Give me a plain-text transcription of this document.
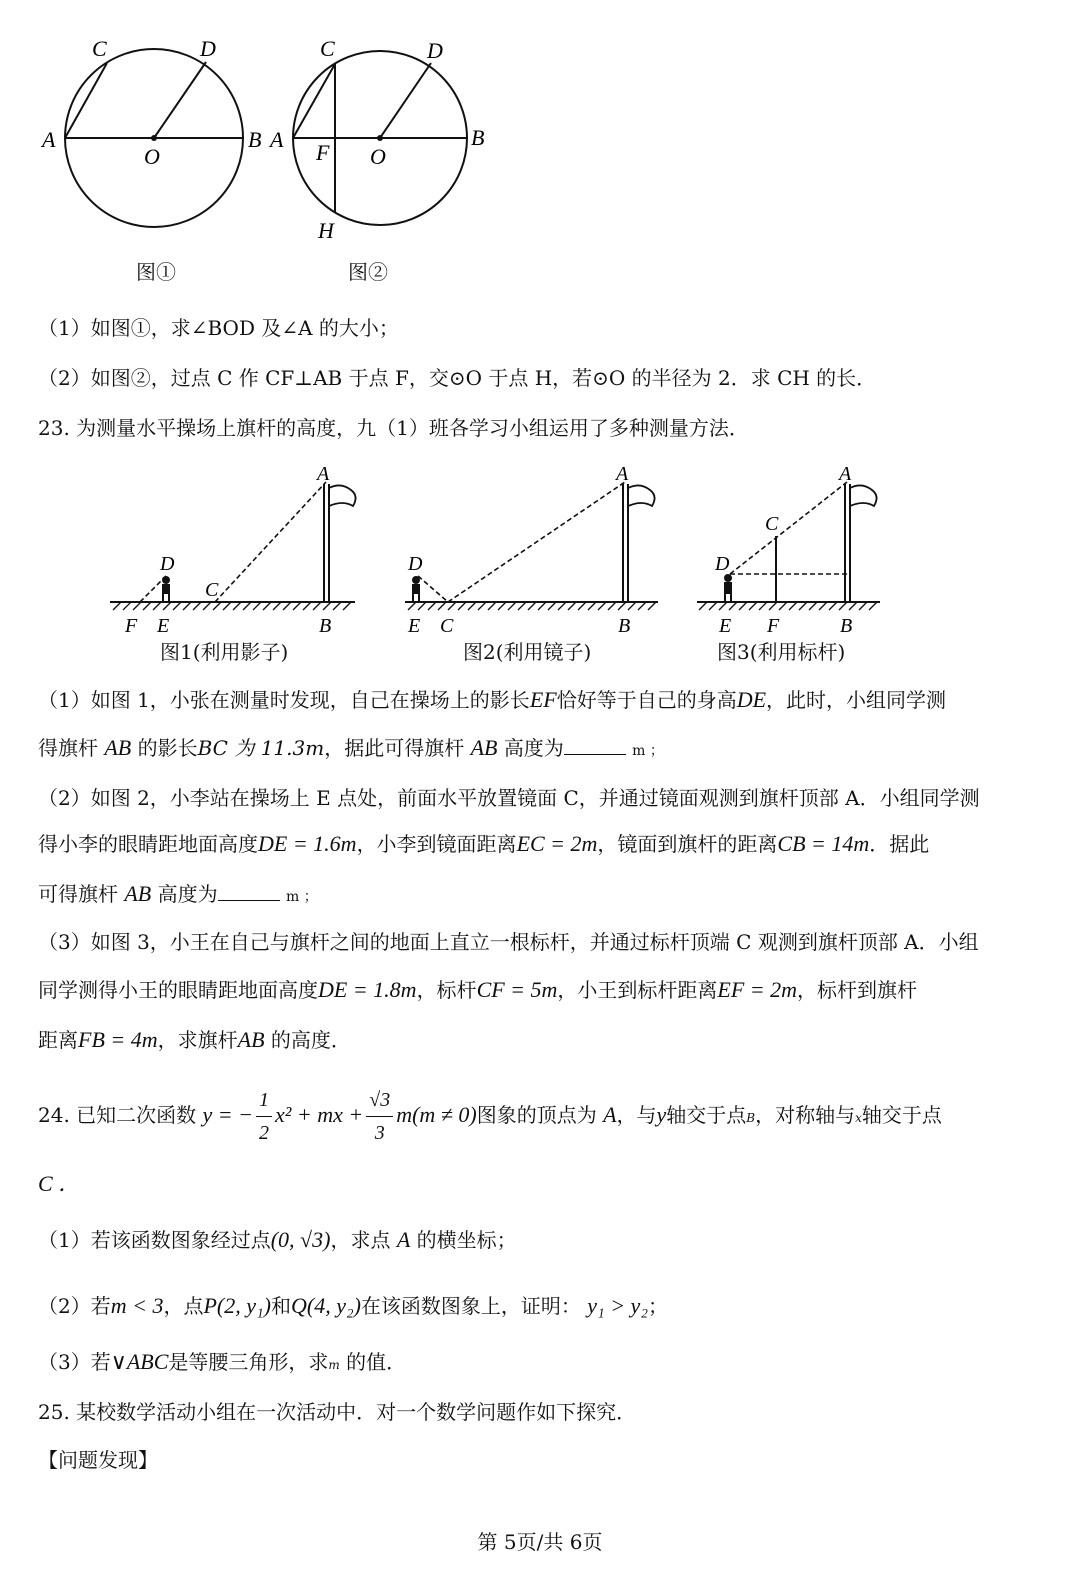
C	D
A
O
B
图①
C	D
A
F O
B
H
图②
（1）如图①，求∠BOD 及∠A 的大小；
（2）如图②，过点 C 作 CF⊥AB 于点 F，交⊙O 于点 H，若⊙O 的半径为 2．求 CH 的长．
23. 为测量水平操场上旗杆的高度，九（1）班各学习小组运用了多种测量方法．
A
D
C
F E	B
图1(利用影子)
A
D
E C	B
图2(利用镜子)
A
C
D
E F	B
图3(利用标杆)
（1）如图 1，小张在测量时发现，自己在操场上的影长EF恰好等于自己的身高DE，此时，小组同学测
得旗杆 AB 的影长BC 为 11.3m，据此可得旗杆 AB 高度为	m ；
（2）如图 2，小李站在操场上 E 点处，前面水平放置镜面 C，并通过镜面观测到旗杆顶部 A．小组同学测
得小李的眼睛距地面高度DE = 1.6m，小李到镜面距离EC = 2m，镜面到旗杆的距离CB = 14m．据此
可得旗杆 AB 高度为	m ；
（3）如图 3，小王在自己与旗杆之间的地面上直立一根标杆，并通过标杆顶端 C 观测到旗杆顶部 A．小组
同学测得小王的眼睛距地面高度DE = 1.8m，标杆CF = 5m，小王到标杆距离EF = 2m，标杆到旗杆
距离FB = 4m，求旗杆AB 的高度．
24. 已知二次函数 y = − $\frac{1}{2} x^2$ + mx + $\frac{√3}{3} m(m \ne 0)$图象的顶点为 A，与y轴交于点B，对称轴与x轴交于点
C ．
（1）若该函数图象经过点(0, √3)，求点 A 的横坐标；
（2）若m < 3，点P(2, y₁)和Q(4, y₂)在该函数图象上，证明： y₁ > y₂；
（3）若∨ABC是等腰三角形，求m 的值．
25. 某校数学活动小组在一次活动中．对一个数学问题作如下探究．
【问题发现】
第 5页/共 6页
